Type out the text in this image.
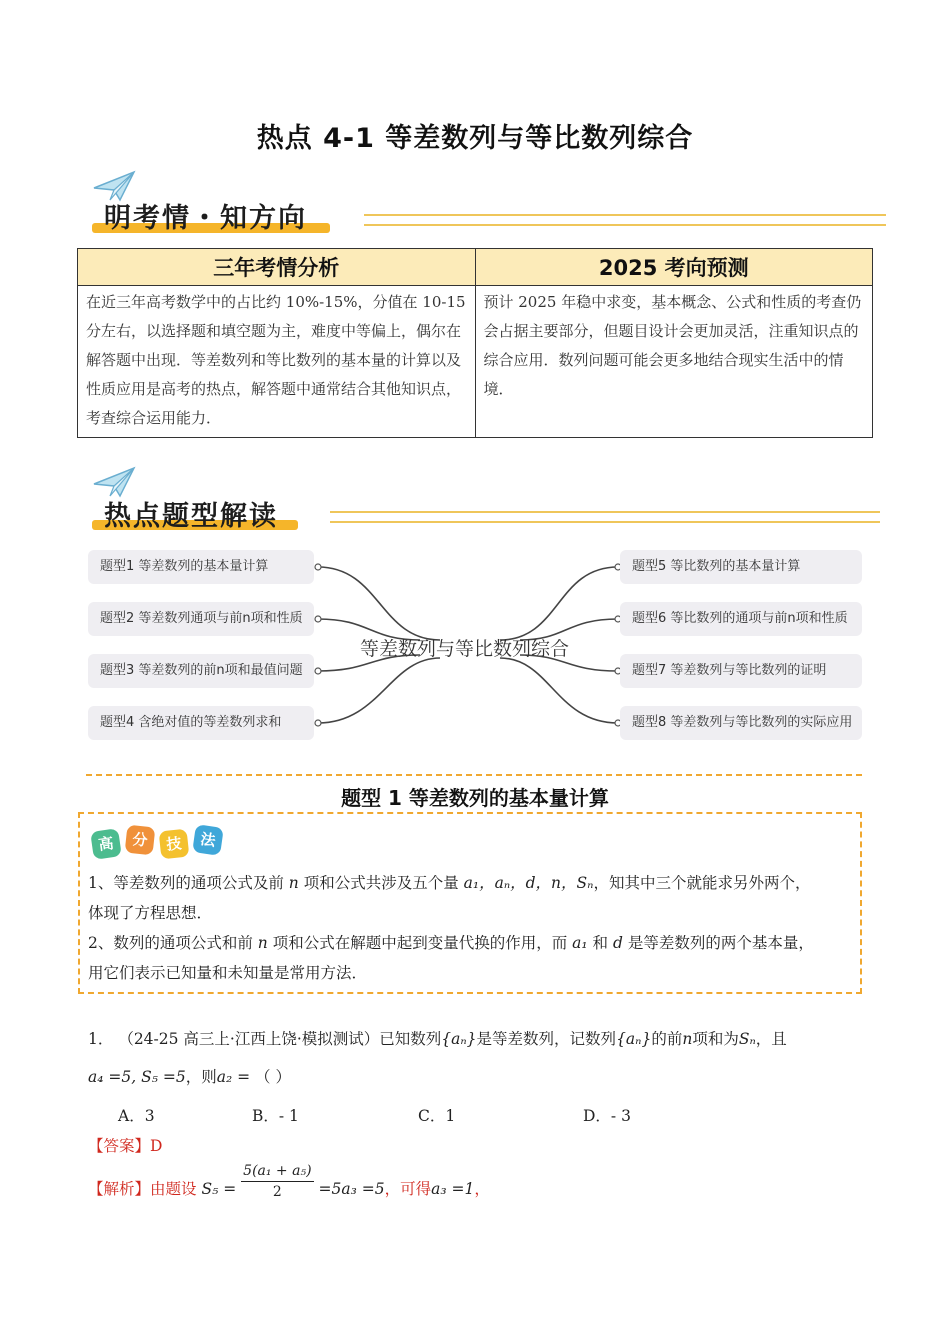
热点 4-1 等差数列与等比数列综合
明考情・知方向
三年考情分析	2025 考向预测
在近三年高考数学中的占比约 10%-15%，分值在 10-15 分左右，以选择题和填空题为主，难度中等偏上，偶尔在解答题中出现．等差数列和等比数列的基本量的计算以及性质应用是高考的热点，解答题中通常结合其他知识点，考查综合运用能力．	预计 2025 年稳中求变，基本概念、公式和性质的考查仍会占据主要部分，但题目设计会更加灵活，注重知识点的综合应用．数列问题可能会更多地结合现实生活中的情境．
热点题型解读
等差数列与等比数列综合
题型1 等差数列的基本量计算
题型2 等差数列通项与前n项和性质
题型3 等差数列的前n项和最值问题
题型4 含绝对值的等差数列求和
题型5 等比数列的基本量计算
题型6 等比数列的通项与前n项和性质
题型7 等差数列与等比数列的证明
题型8 等差数列与等比数列的实际应用
题型 1 等差数列的基本量计算
高	分	技	法
1、等差数列的通项公式及前 n 项和公式共涉及五个量 a₁，aₙ，d，n，Sₙ，知其中三个就能求另外两个，
体现了方程思想．
2、数列的通项公式和前 n 项和公式在解题中起到变量代换的作用，而 a₁ 和 d 是等差数列的两个基本量，
用它们表示已知量和未知量是常用方法．
1． （24-25 高三上·江西上饶·模拟测试）已知数列{aₙ}是等差数列，记数列{aₙ}的前n项和为Sₙ，且
a₄ =5, S₅ =5，则a₂ = （ ）
A．3	B．- 1	C．1	D．- 3
【答案】D
【解析】由题设 $S_5 = \frac{\text{5(a₁ + a₅)}}{2} =5a_3 =5$，可得a₃ =1，
